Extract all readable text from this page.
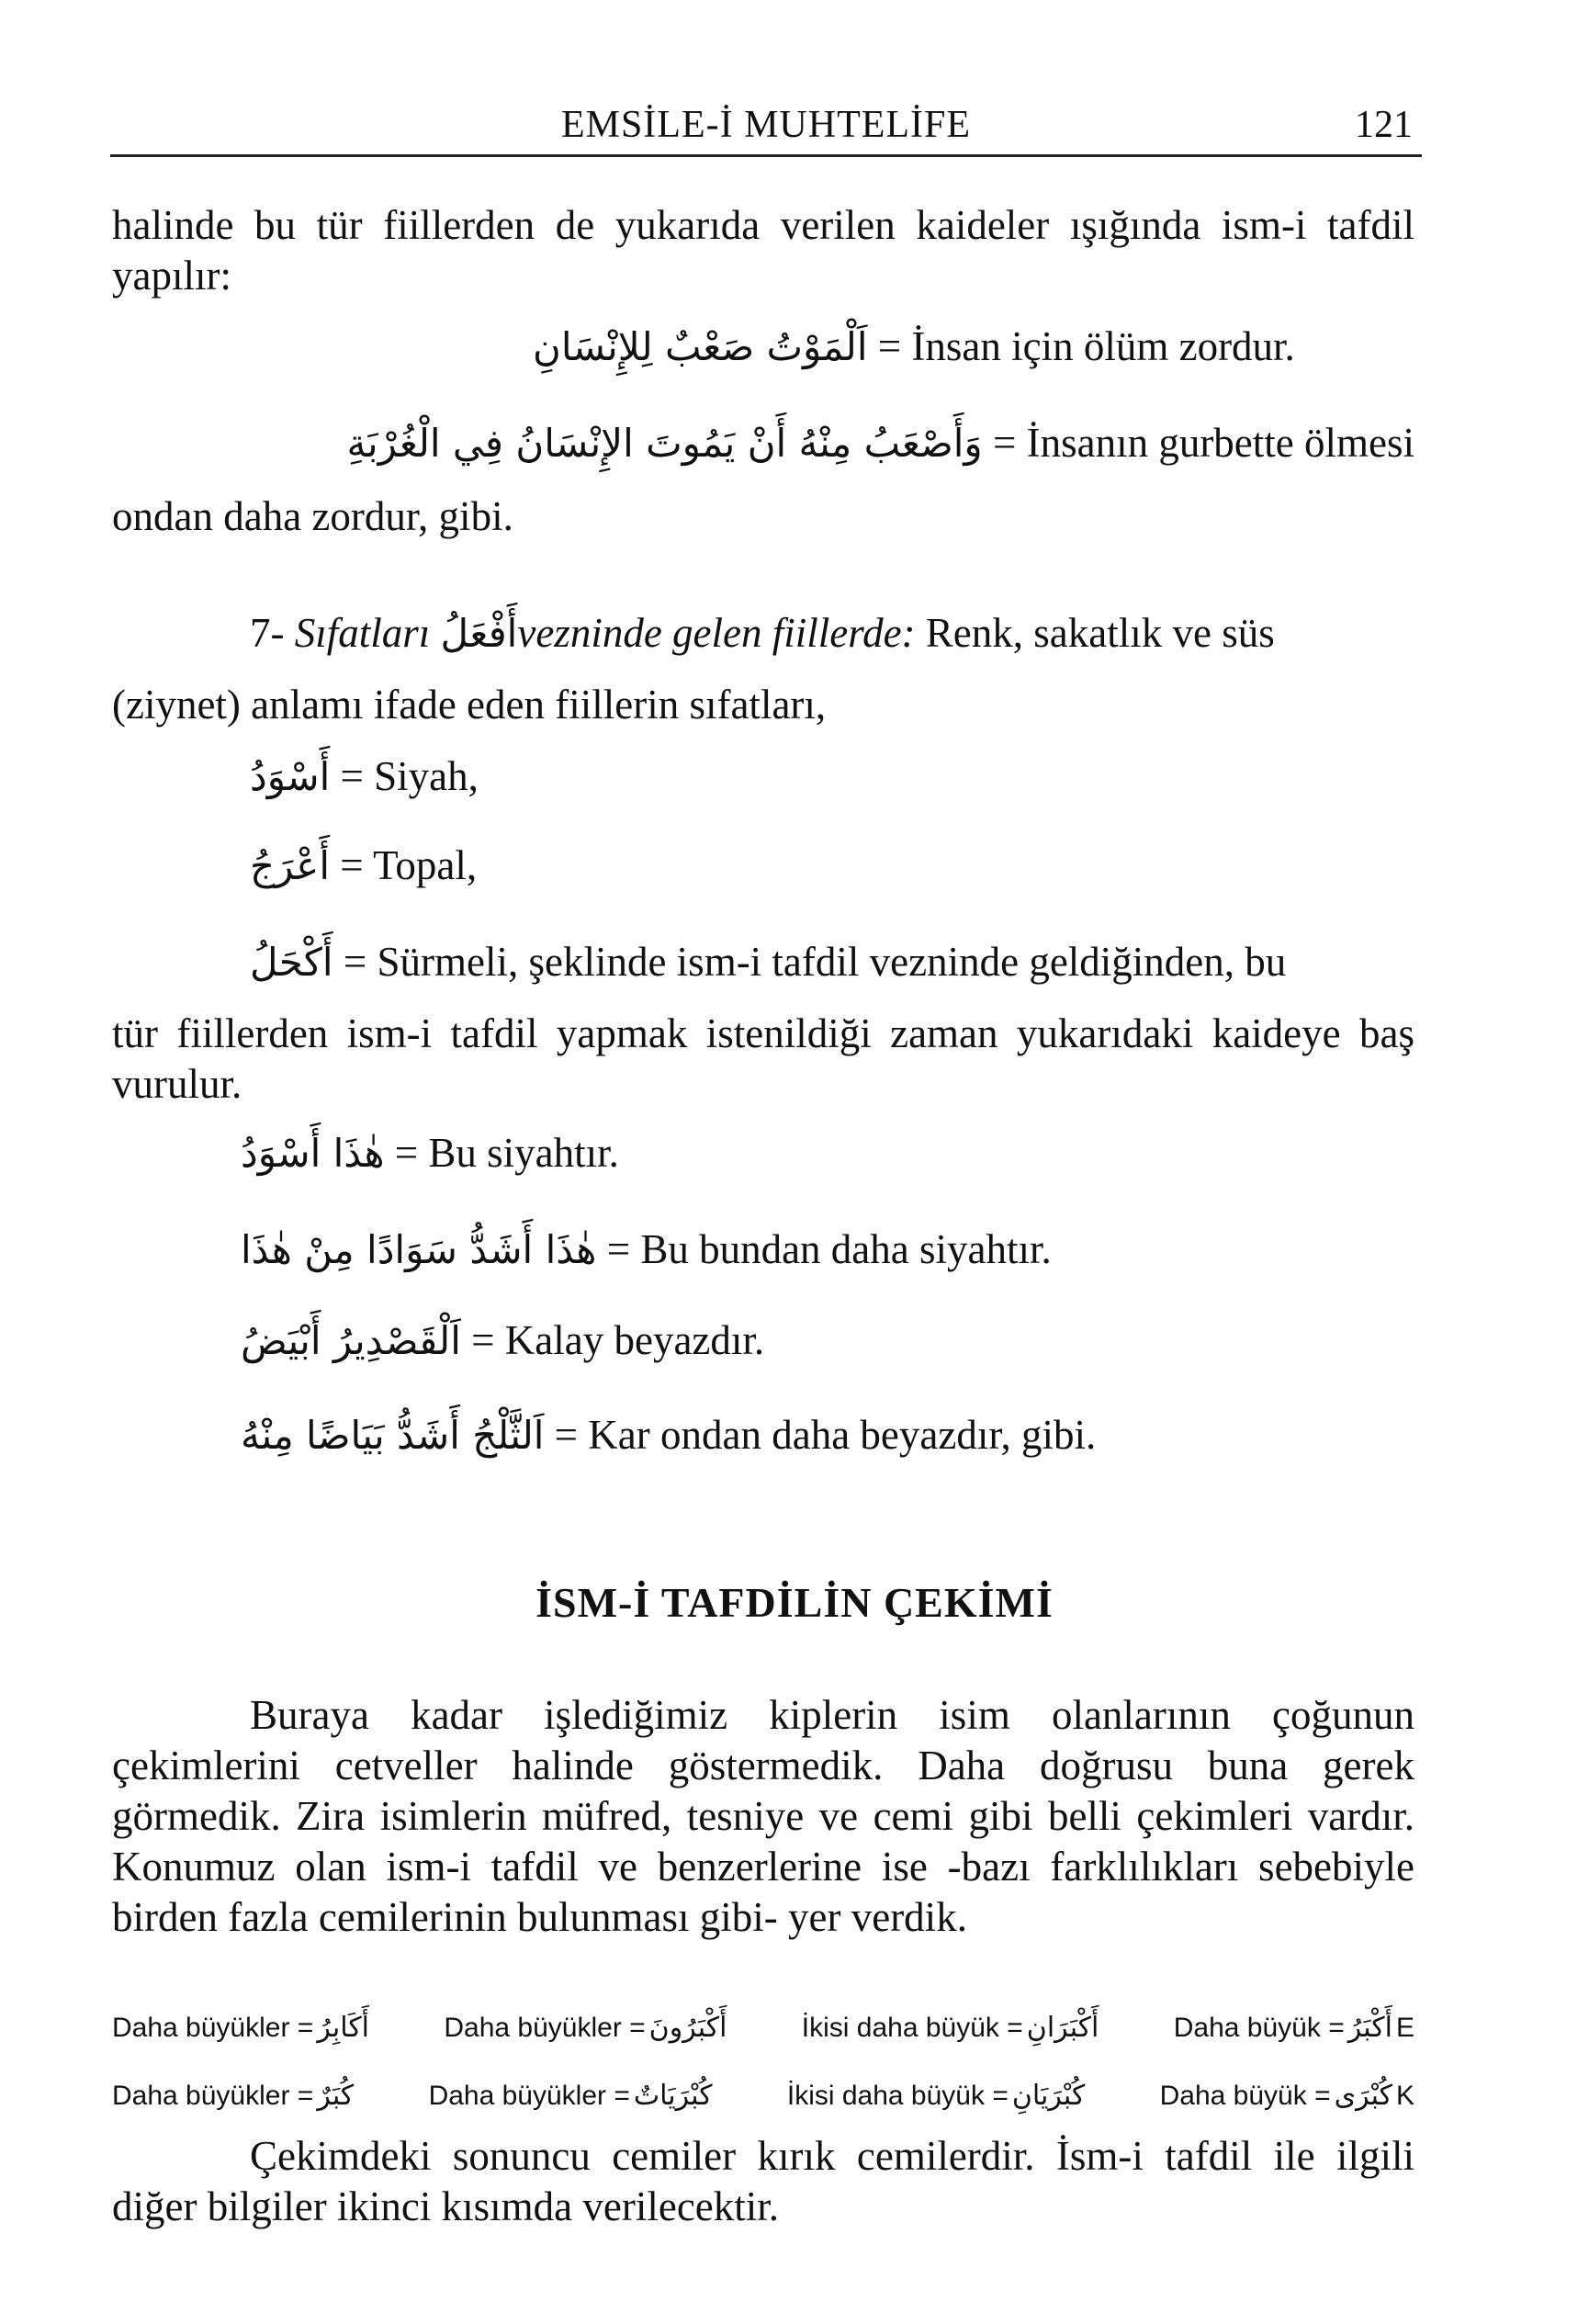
EMSİLE-İ MUHTELİFE	121
halinde bu tür fiillerden de yukarıda verilen kaideler ışığında ism-i tafdil yapılır:
اَلْمَوْتُ صَعْبٌ لِلإِنْسَانِ = İnsan için ölüm zordur.
وَأَصْعَبُ مِنْهُ أَنْ يَمُوتَ الإِنْسَانُ فِي الْغُرْبَةِ = İnsanın gurbette ölmesi
ondan daha zordur, gibi.
7- Sıfatları أَفْعَلُvezninde gelen fiillerde: Renk, sakatlık ve süs
(ziynet) anlamı ifade eden fiillerin sıfatları,
أَسْوَدُ = Siyah,
أَعْرَجُ = Topal,
أَكْحَلُ = Sürmeli, şeklinde ism-i tafdil vezninde geldiğinden, bu
tür fiillerden ism-i tafdil yapmak istenildiği zaman yukarıdaki kaideye baş vurulur.
هٰذَا أَسْوَدُ = Bu siyahtır.
هٰذَا أَشَدُّ سَوَادًا مِنْ هٰذَا = Bu bundan daha siyahtır.
اَلْقَصْدِيرُ أَبْيَضُ = Kalay beyazdır.
اَلثَّلْجُ أَشَدُّ بَيَاضًا مِنْهُ = Kar ondan daha beyazdır, gibi.
İSM-İ TAFDİLİN ÇEKİMİ
Buraya kadar işlediğimiz kiplerin isim olanlarının çoğunun çekimlerini cetveller halinde göstermedik. Daha doğrusu buna gerek görmedik. Zira isimlerin müfred, tesniye ve cemi gibi belli çekimleri vardır. Konumuz olan ism-i tafdil ve benzerlerine ise -bazı farklılıkları sebebiyle birden fazla cemilerinin bulunması gibi- yer verdik.
Daha büyükler = أَكَابِرُ	Daha büyükler = أَكْبَرُونَ	İkisi daha büyük = أَكْبَرَانِ	Daha büyük = أَكْبَرُ E
Daha büyükler = كُبَرٌ	Daha büyükler = كُبْرَيَاتٌ	İkisi daha büyük = كُبْرَيَانِ	Daha büyük = كُبْرَى K
Çekimdeki sonuncu cemiler kırık cemilerdir. İsm-i tafdil ile ilgili diğer bilgiler ikinci kısımda verilecektir.
